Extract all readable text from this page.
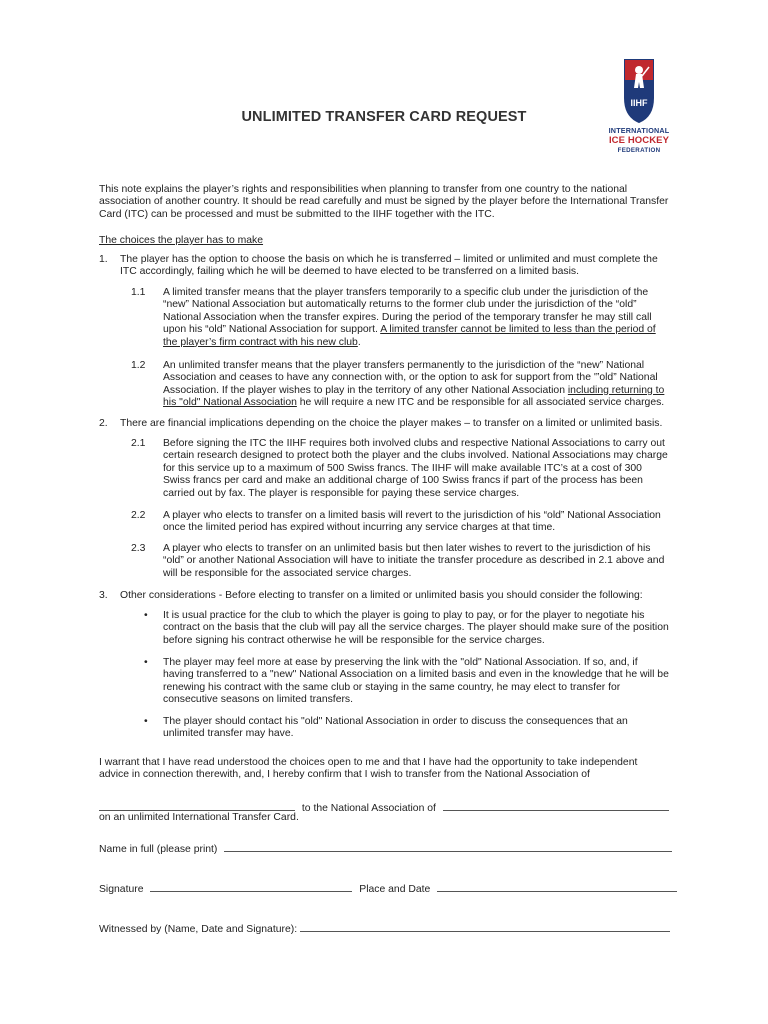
UNLIMITED TRANSFER CARD REQUEST
IIHF
INTERNATIONAL
ICE HOCKEY
FEDERATION
This note explains the player’s rights and responsibilities when planning to transfer from one country to the national association of another country. It should be read carefully and must be signed by the player before the International Transfer Card (ITC) can be processed and must be submitted to the IIHF together with the ITC.
The choices the player has to make
1. The player has the option to choose the basis on which he is transferred – limited or unlimited and must complete the ITC accordingly, failing which he will be deemed to have elected to be transferred on a limited basis.
1.1 A limited transfer means that the player transfers temporarily to a specific club under the jurisdiction of the “new” National Association but automatically returns to the former club under the jurisdiction of the “old” National Association when the transfer expires. During the period of the temporary transfer he may still call upon his “old” National Association for support. A limited transfer cannot be limited to less than the period of the player’s firm contract with his new club.
1.2 An unlimited transfer means that the player transfers permanently to the jurisdiction of the “new” National Association and ceases to have any connection with, or the option to ask for support from the '”old” National Association. If the player wishes to play in the territory of any other National Association including returning to his "old" National Association he will require a new ITC and be responsible for all associated service charges.
2. There are financial implications depending on the choice the player makes – to transfer on a limited or unlimited basis.
2.1 Before signing the ITC the IIHF requires both involved clubs and respective National Associations to carry out certain research designed to protect both the player and the clubs involved. National Associations may charge for this service up to a maximum of 500 Swiss francs. The IIHF will make available ITC’s at a cost of 300 Swiss francs per card and make an additional charge of 100 Swiss francs if part of the process has been carried out by fax. The player is responsible for paying these service charges.
2.2 A player who elects to transfer on a limited basis will revert to the jurisdiction of his “old” National Association once the limited period has expired without incurring any service charges at that time.
2.3 A player who elects to transfer on an unlimited basis but then later wishes to revert to the jurisdiction of his “old” or another National Association will have to initiate the transfer procedure as described in 2.1 above and will be responsible for the associated service charges.
3. Other considerations - Before electing to transfer on a limited or unlimited basis you should consider the following:
• It is usual practice for the club to which the player is going to play to pay, or for the player to negotiate his contract on the basis that the club will pay all the service charges. The player should make sure of the position before signing his contract otherwise he will be responsible for the service charges.
• The player may feel more at ease by preserving the link with the "old" National Association. If so, and, if having transferred to a "new" National Association on a limited basis and even in the knowledge that he will be renewing his contract with the same club or staying in the same country, he may elect to transfer for consecutive seasons on limited transfers.
• The player should contact his "old" National Association in order to discuss the consequences that an unlimited transfer may have.
I warrant that I have read understood the choices open to me and that I have had the opportunity to take independent advice in connection therewith, and, I hereby confirm that I wish to transfer from the National Association of
to the National Association of
on an unlimited International Transfer Card.
Name in full (please print)
Signature	Place and Date
Witnessed by (Name, Date and Signature):
